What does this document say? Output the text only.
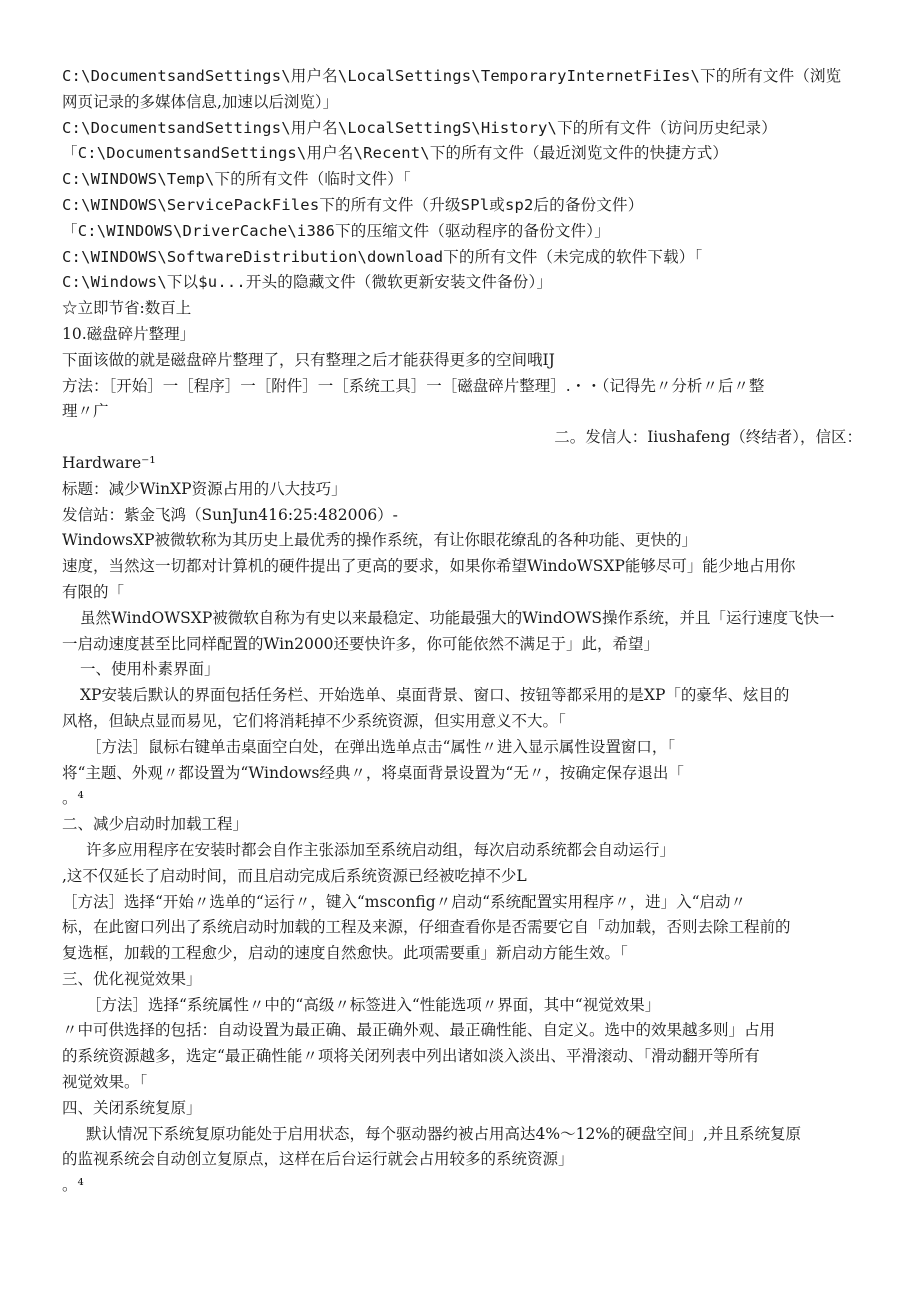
C:\DocumentsandSettings\用户名\LocalSettings\TemporaryInternetFiIes\下的所有文件（浏览
网页记录的多媒体信息,加速以后浏览）」
C:\DocumentsandSettings\用户名\LocalSettingS\History\下的所有文件（访问历史纪录）
「C:\DocumentsandSettings\用户名\Recent\下的所有文件（最近浏览文件的快捷方式）
C:\WINDOWS\Temp\下的所有文件（临时文件）「
C:\WINDOWS\ServicePackFiles下的所有文件（升级SPl或sp2后的备份文件）
「C:\WINDOWS\DriverCache\i386下的压缩文件（驱动程序的备份文件）」
C:\WINDOWS\SoftwareDistribution\download下的所有文件（未完成的软件下载）「
C:\Windows\下以$u...开头的隐藏文件（微软更新安装文件备份）」
☆立即节省:数百上
10.磁盘碎片整理」
下面该做的就是磁盘碎片整理了，只有整理之后才能获得更多的空间哦IJ
方法：［开始］一［程序］一［附件］一［系统工具］一［磁盘碎片整理］.・・（记得先〃分析〃后〃整
理〃广
二。发信人：Iiushafeng（终结者），信区：
Hardware⁻¹
标题：减少WinXP资源占用的八大技巧」
发信站：紫金飞鸿（SunJun416:25:482006）-
WindowsXP被微软称为其历史上最优秀的操作系统，有让你眼花缭乱的各种功能、更快的」
速度，当然这一切都对计算机的硬件提出了更高的要求，如果你希望WindoWSXP能够尽可」能少地占用你
有限的「
虽然WindOWSXP被微软自称为有史以来最稳定、功能最强大的WindOWS操作系统，并且「运行速度飞快一
一启动速度甚至比同样配置的Win2000还要快许多，你可能依然不满足于」此，希望」
一、使用朴素界面」
XP安装后默认的界面包括任务栏、开始选单、桌面背景、窗口、按钮等都采用的是XP「的豪华、炫目的
风格，但缺点显而易见，它们将消耗掉不少系统资源，但实用意义不大。「
［方法］鼠标右键单击桌面空白处，在弹出选单点击“属性〃进入显示属性设置窗口，「
将“主题、外观〃都设置为“Windows经典〃，将桌面背景设置为“无〃，按确定保存退出「
。⁴
二、减少启动时加载工程」
许多应用程序在安装时都会自作主张添加至系统启动组，每次启动系统都会自动运行」
,这不仅延长了启动时间，而且启动完成后系统资源已经被吃掉不少L
［方法］选择“开始〃选单的“运行〃，键入“msconfig〃启动“系统配置实用程序〃，进」入“启动〃
标，在此窗口列出了系统启动时加载的工程及来源，仔细查看你是否需要它自「动加载，否则去除工程前的
复选框，加载的工程愈少，启动的速度自然愈快。此项需要重」新启动方能生效。「
三、优化视觉效果」
［方法］选择“系统属性〃中的“高级〃标签进入“性能选项〃界面，其中“视觉效果」
〃中可供选择的包括：自动设置为最正确、最正确外观、最正确性能、自定义。选中的效果越多则」占用
的系统资源越多，选定“最正确性能〃项将关闭列表中列出诸如淡入淡出、平滑滚动、「滑动翻开等所有
视觉效果。「
四、关闭系统复原」
默认情况下系统复原功能处于启用状态，每个驱动器约被占用高达4%〜12%的硬盘空间」,并且系统复原
的监视系统会自动创立复原点，这样在后台运行就会占用较多的系统资源」
。⁴
